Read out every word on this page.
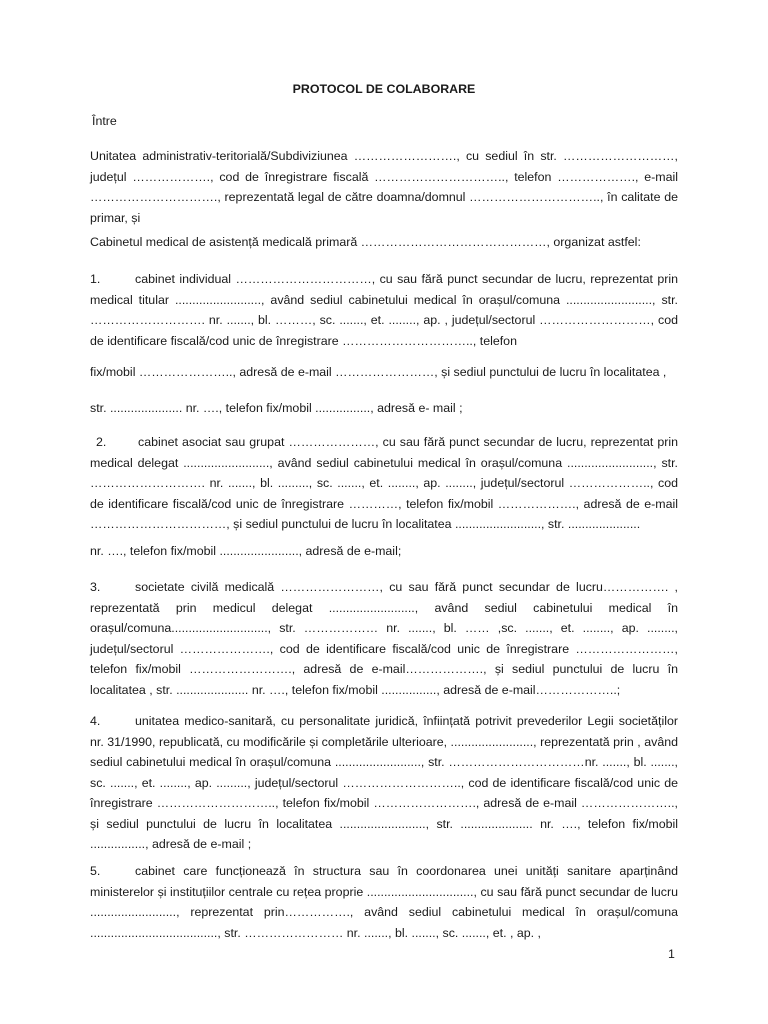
PROTOCOL DE COLABORARE

Între

Unitatea administrativ-teritorială/Subdiviziunea ……………………., cu sediul în str. ………………………, județul ………………., cod de înregistrare fiscală ………………………….., telefon ………………., e-mail …………………………., reprezentată legal de către doamna/domnul ………………………….., în calitate de primar, și

Cabinetul medical de asistență medicală primară ………………………………………, organizat astfel:

1.	cabinet individual ……………………………, cu sau fără punct secundar de lucru, reprezentat prin medical titular ........................., având sediul cabinetului medical în orașul/comuna ........................., str. ………………………. nr. ......., bl. ………, sc. ......., et. ........, ap. , județul/sectorul ………………………, cod de identificare fiscală/cod unic de înregistrare ………………………….., telefon

fix/mobil ………………….., adresă de e-mail ……………………, și sediul punctului de lucru în localitatea ,

str. ..................... nr. …., telefon fix/mobil ................, adresă e- mail ;

2.	cabinet asociat sau grupat …………………, cu sau fără punct secundar de lucru, reprezentat prin medical delegat ........................., având sediul cabinetului medical în orașul/comuna ........................., str. ………………………. nr. ......., bl. ........., sc. ......., et. ........, ap. ........, județul/sectorul ……………….., cod de identificare fiscală/cod unic de înregistrare …………, telefon fix/mobil ………………., adresă de e-mail ……………………………, și sediul punctului de lucru în localitatea ........................., str. .....................

nr. …., telefon fix/mobil ......................., adresă de e-mail;

3.	societate civilă medicală ……………………, cu sau fără punct secundar de lucru……………. , reprezentată prin medicul delegat ........................., având sediul cabinetului medical în orașul/comuna............................, str. ……………… nr. ......., bl. …… ,sc. ......., et. ........, ap. ........, județul/sectorul …………………., cod de identificare fiscală/cod unic de înregistrare ……………………, telefon fix/mobil ……………………., adresă de e-mail………………., și sediul punctului de lucru în localitatea , str. ..................... nr. …., telefon fix/mobil ................, adresă de e-mail………………..;

4.	unitatea medico-sanitară, cu personalitate juridică, înființată potrivit prevederilor Legii societăților nr. 31/1990, republicată, cu modificările și completările ulterioare, ........................, reprezentată prin , având sediul cabinetului medical în orașul/comuna ........................., str. ……………………………nr. ......., bl. ......., sc. ......., et. ........, ap. ........., județul/sectorul ……………………….., cod de identificare fiscală/cod unic de înregistrare ……………………….., telefon fix/mobil ……………………., adresă de e-mail ………………….., și sediul punctului de lucru în localitatea ........................., str. ..................... nr. …., telefon fix/mobil ................, adresă de e-mail ;

5.	cabinet care funcționează în structura sau în coordonarea unei unități sanitare aparținând ministerelor și instituțiilor centrale cu rețea proprie ..............................., cu sau fără punct secundar de lucru ........................., reprezentat prin……………., având sediul cabinetului medical în orașul/comuna ....................................., str. …………………… nr. ......., bl. ......., sc. ......., et. , ap. ,

1
